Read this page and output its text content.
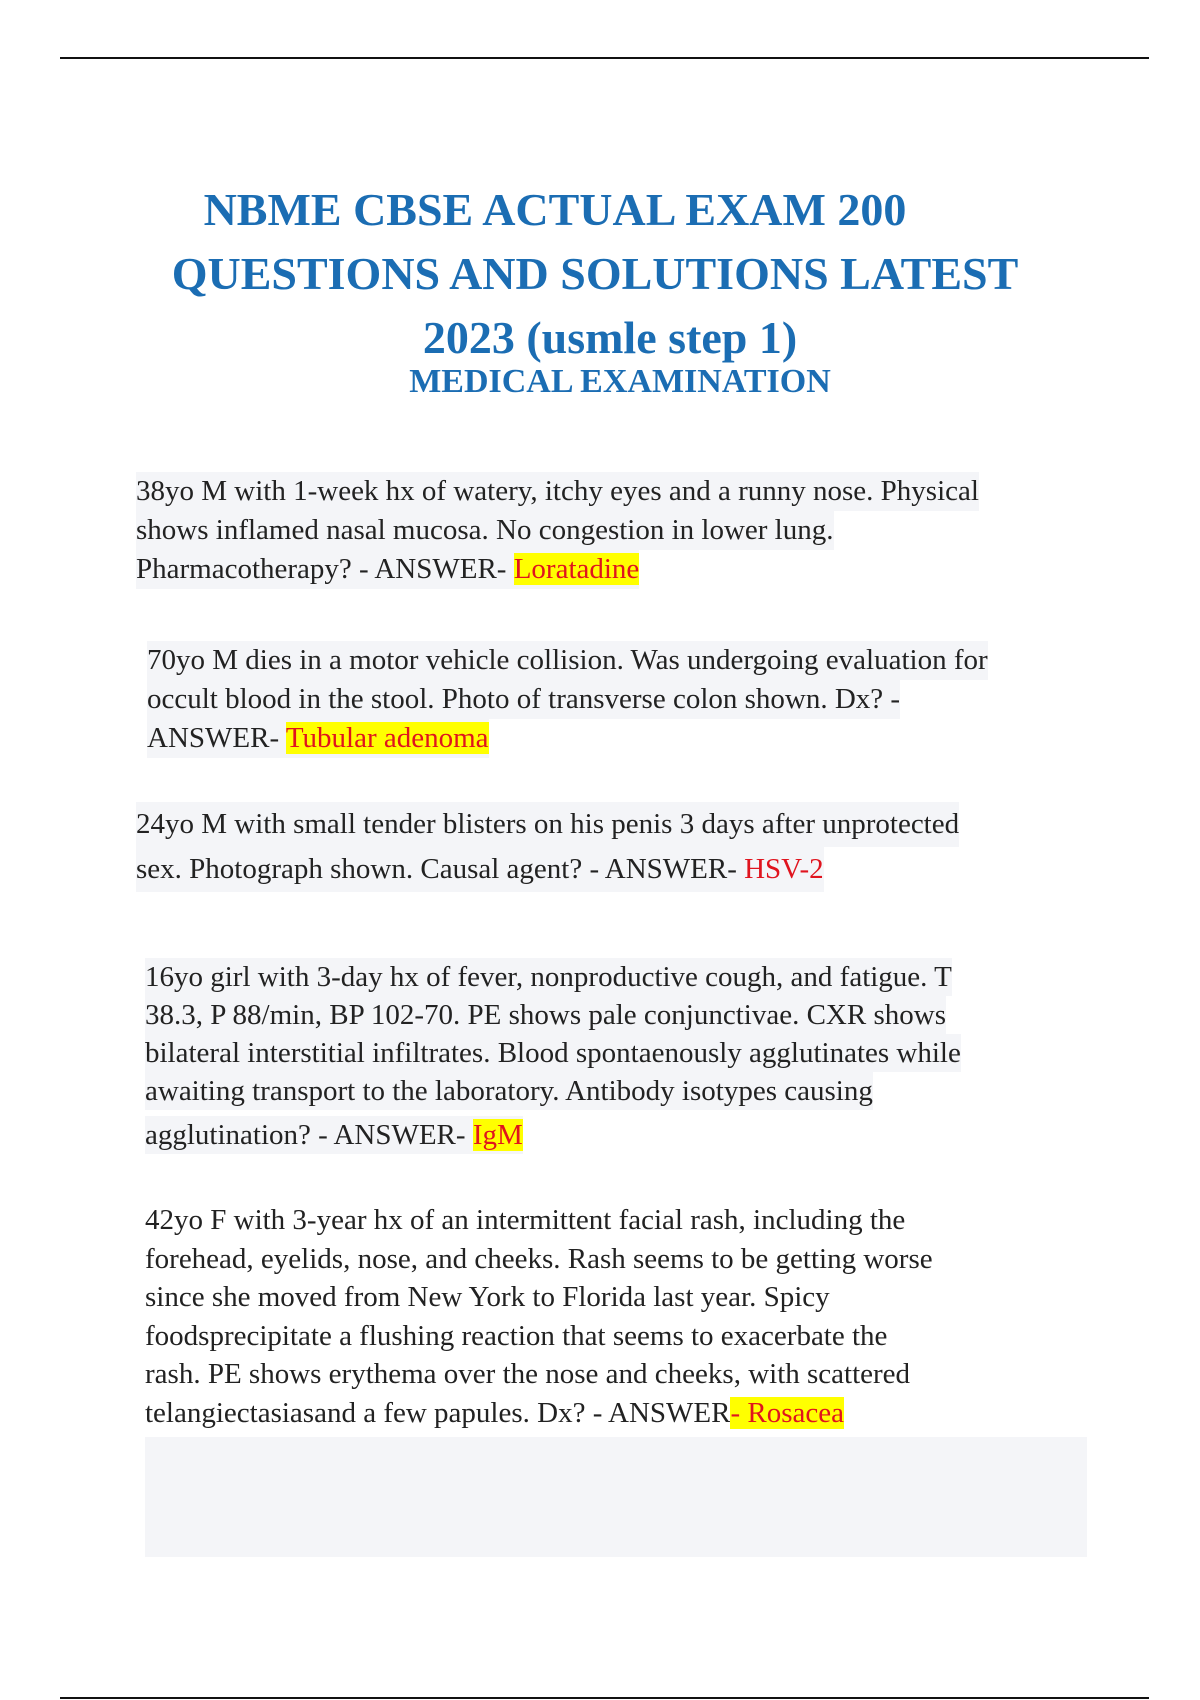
NBME CBSE ACTUAL EXAM 200
QUESTIONS AND SOLUTIONS LATEST
2023 (usmle step 1)
MEDICAL EXAMINATION
38yo M with 1-week hx of watery, itchy eyes and a runny nose. Physical
shows inflamed nasal mucosa. No congestion in lower lung.
Pharmacotherapy? - ANSWER- Loratadine
70yo M dies in a motor vehicle collision. Was undergoing evaluation for
occult blood in the stool. Photo of transverse colon shown. Dx? -
ANSWER- Tubular adenoma
24yo M with small tender blisters on his penis 3 days after unprotected
sex. Photograph shown. Causal agent? - ANSWER- HSV-2
16yo girl with 3-day hx of fever, nonproductive cough, and fatigue. T
38.3, P 88/min, BP 102-70. PE shows pale conjunctivae. CXR shows
bilateral interstitial infiltrates. Blood spontaenously agglutinates while
awaiting transport to the laboratory. Antibody isotypes causing
agglutination? - ANSWER- IgM
42yo F with 3-year hx of an intermittent facial rash, including the
forehead, eyelids, nose, and cheeks. Rash seems to be getting worse
since she moved from New York to Florida last year. Spicy
foodsprecipitate a flushing reaction that seems to exacerbate the
rash. PE shows erythema over the nose and cheeks, with scattered
telangiectasiasand a few papules. Dx? - ANSWER- Rosacea
